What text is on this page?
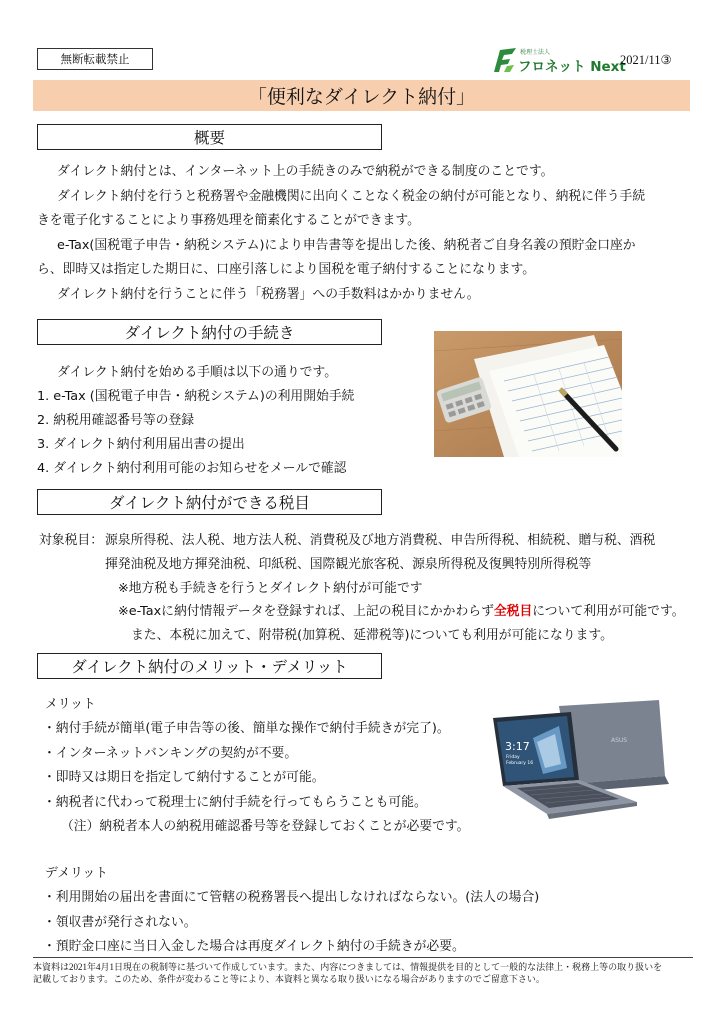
無断転載禁止	税理士法人
フロネット Next
2021/11③
「便利なダイレクト納付」
概要
ダイレクト納付とは、インターネット上の手続きのみで納税ができる制度のことです。
ダイレクト納付を行うと税務署や金融機関に出向くことなく税金の納付が可能となり、納税に伴う手続
きを電子化することにより事務処理を簡素化することができます。
e-Tax(国税電子申告・納税システム)により申告書等を提出した後、納税者ご自身名義の預貯金口座か
ら、即時又は指定した期日に、口座引落しにより国税を電子納付することになります。
ダイレクト納付を行うことに伴う「税務署」への手数料はかかりません。
ダイレクト納付の手続き
ダイレクト納付を始める手順は以下の通りです。
1. e-Tax (国税電子申告・納税システム)の利用開始手続
2. 納税用確認番号等の登録
3. ダイレクト納付利用届出書の提出
4. ダイレクト納付利用可能のお知らせをメールで確認
ダイレクト納付ができる税目
対象税目： 源泉所得税、法人税、地方法人税、消費税及び地方消費税、申告所得税、相続税、贈与税、酒税
揮発油税及地方揮発油税、印紙税、国際観光旅客税、源泉所得税及復興特別所得税等
※地方税も手続きを行うとダイレクト納付が可能です
※e-Taxに納付情報データを登録すれば、上記の税目にかかわらず全税目について利用が可能です。
また、本税に加えて、附帯税(加算税、延滞税等)についても利用が可能になります。
ダイレクト納付のメリット・デメリット
メリット
・納付手続が簡単(電子申告等の後、簡単な操作で納付手続きが完了)。
・インターネットバンキングの契約が不要。
・即時又は期日を指定して納付することが可能。
・納税者に代わって税理士に納付手続を行ってもらうことも可能。
（注）納税者本人の納税用確認番号等を登録しておくことが必要です。
デメリット
・利用開始の届出を書面にて管轄の税務署長へ提出しなければならない。(法人の場合)
・領収書が発行されない。
・預貯金口座に当日入金した場合は再度ダイレクト納付の手続きが必要。
ASUS
3:17
Friday
February 16
本資料は2021年4月1日現在の税制等に基づいて作成しています。また、内容につきましては、情報提供を目的として一般的な法律上・税務上等の取り扱いを
記載しております。このため、条件が変わること等により、本資料と異なる取り扱いになる場合がありますのでご留意下さい。
